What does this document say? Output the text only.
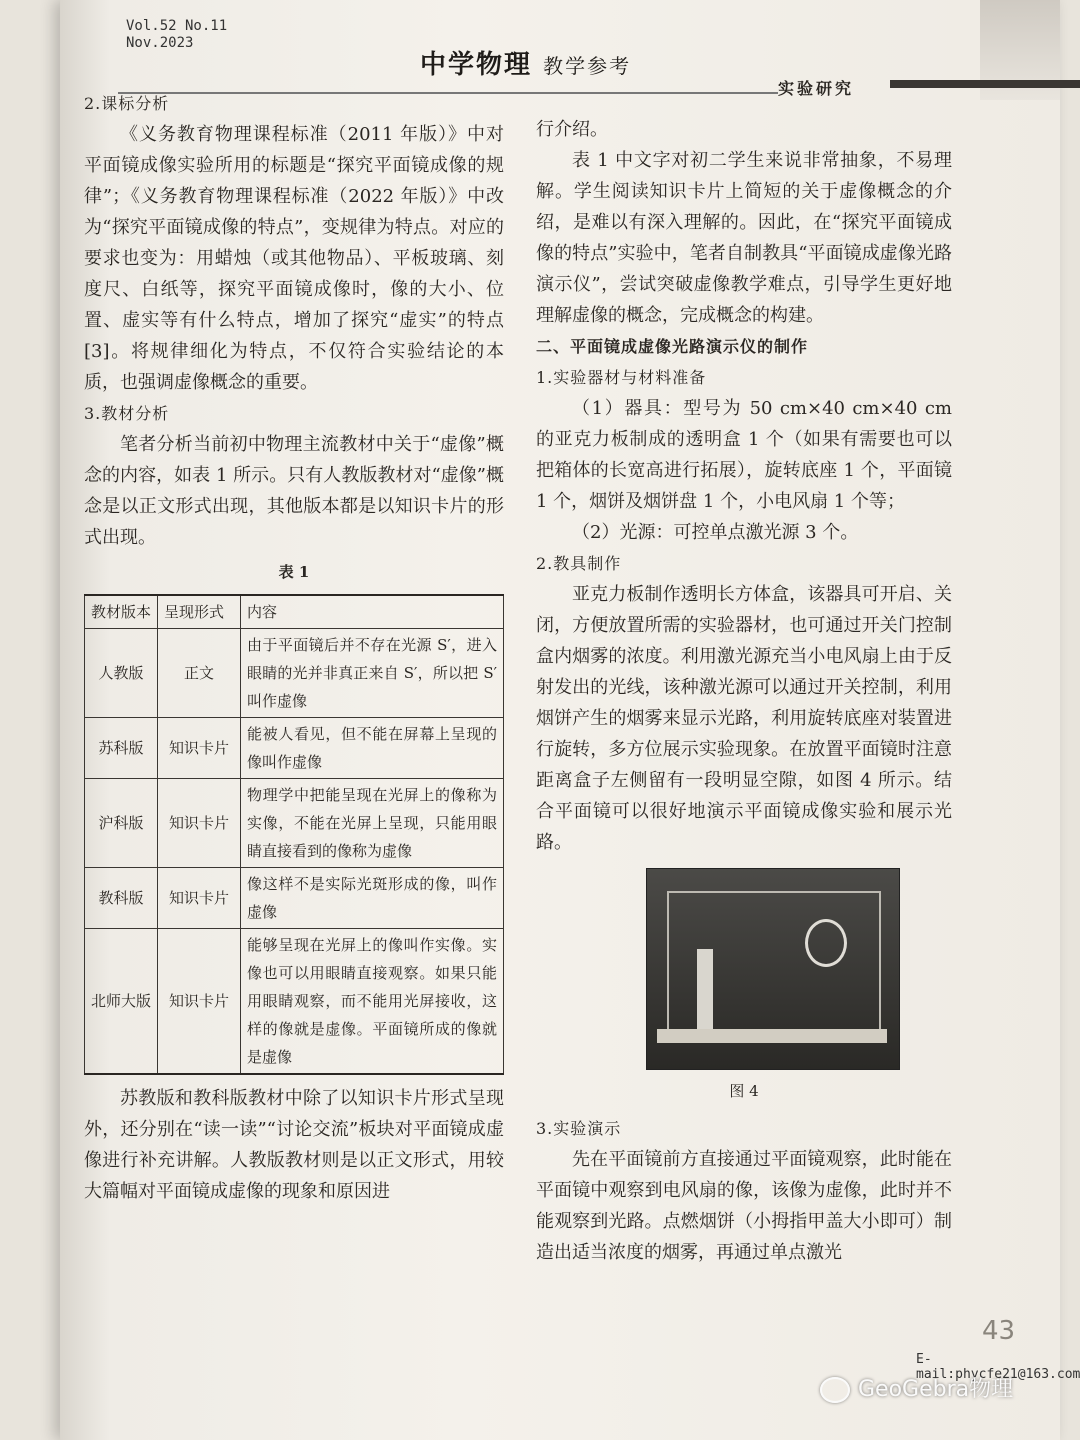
Vol.52 No.11
Nov.2023
中学物理 教学参考
实验研究
2.课标分析

《义务教育物理课程标准（2011 年版）》中对平面镜成像实验所用的标题是“探究平面镜成像的规律”；《义务教育物理课程标准（2022 年版）》中改为“探究平面镜成像的特点”，变规律为特点。对应的要求也变为：用蜡烛（或其他物品）、平板玻璃、刻度尺、白纸等，探究平面镜成像时，像的大小、位置、虚实等有什么特点，增加了探究“虚实”的特点[3]。将规律细化为特点，不仅符合实验结论的本质，也强调虚像概念的重要。

3.教材分析

笔者分析当前初中物理主流教材中关于“虚像”概念的内容，如表 1 所示。只有人教版教材对“虚像”概念是以正文形式出现，其他版本都是以知识卡片的形式出现。

表 1
教材版本	呈现形式	内容
人教版	正文	由于平面镜后并不存在光源 S′，进入眼睛的光并非真正来自 S′，所以把 S′叫作虚像
苏科版	知识卡片	能被人看见，但不能在屏幕上呈现的像叫作虚像
沪科版	知识卡片	物理学中把能呈现在光屏上的像称为实像，不能在光屏上呈现，只能用眼睛直接看到的像称为虚像
教科版	知识卡片	像这样不是实际光斑形成的像，叫作虚像
北师大版	知识卡片	能够呈现在光屏上的像叫作实像。实像也可以用眼睛直接观察。如果只能用眼睛观察，而不能用光屏接收，这样的像就是虚像。平面镜所成的像就是虚像

苏教版和教科版教材中除了以知识卡片形式呈现外，还分别在“读一读”“讨论交流”板块对平面镜成虚像进行补充讲解。人教版教材则是以正文形式，用较大篇幅对平面镜成虚像的现象和原因进

行介绍。

表 1 中文字对初二学生来说非常抽象，不易理解。学生阅读知识卡片上简短的关于虚像概念的介绍，是难以有深入理解的。因此，在“探究平面镜成像的特点”实验中，笔者自制教具“平面镜成虚像光路演示仪”，尝试突破虚像教学难点，引导学生更好地理解虚像的概念，完成概念的构建。

二、平面镜成虚像光路演示仪的制作
1.实验器材与材料准备

（1）器具：型号为 50 cm×40 cm×40 cm 的亚克力板制成的透明盒 1 个（如果有需要也可以把箱体的长宽高进行拓展），旋转底座 1 个，平面镜 1 个，烟饼及烟饼盘 1 个，小电风扇 1 个等；

（2）光源：可控单点激光源 3 个。

2.教具制作

亚克力板制作透明长方体盒，该器具可开启、关闭，方便放置所需的实验器材，也可通过开关门控制盒内烟雾的浓度。利用激光源充当小电风扇上由于反射发出的光线，该种激光源可以通过开关控制，利用烟饼产生的烟雾来显示光路，利用旋转底座对装置进行旋转，多方位展示实验现象。在放置平面镜时注意距离盒子左侧留有一段明显空隙，如图 4 所示。结合平面镜可以很好地演示平面镜成像实验和展示光路。

图 4
3.实验演示

先在平面镜前方直接通过平面镜观察，此时能在平面镜中观察到电风扇的像，该像为虚像，此时并不能观察到光路。点燃烟饼（小拇指甲盖大小即可）制造出适当浓度的烟雾，再通过单点激光

43
E-mail:phycfe21@163.com
GeoGebra物理
